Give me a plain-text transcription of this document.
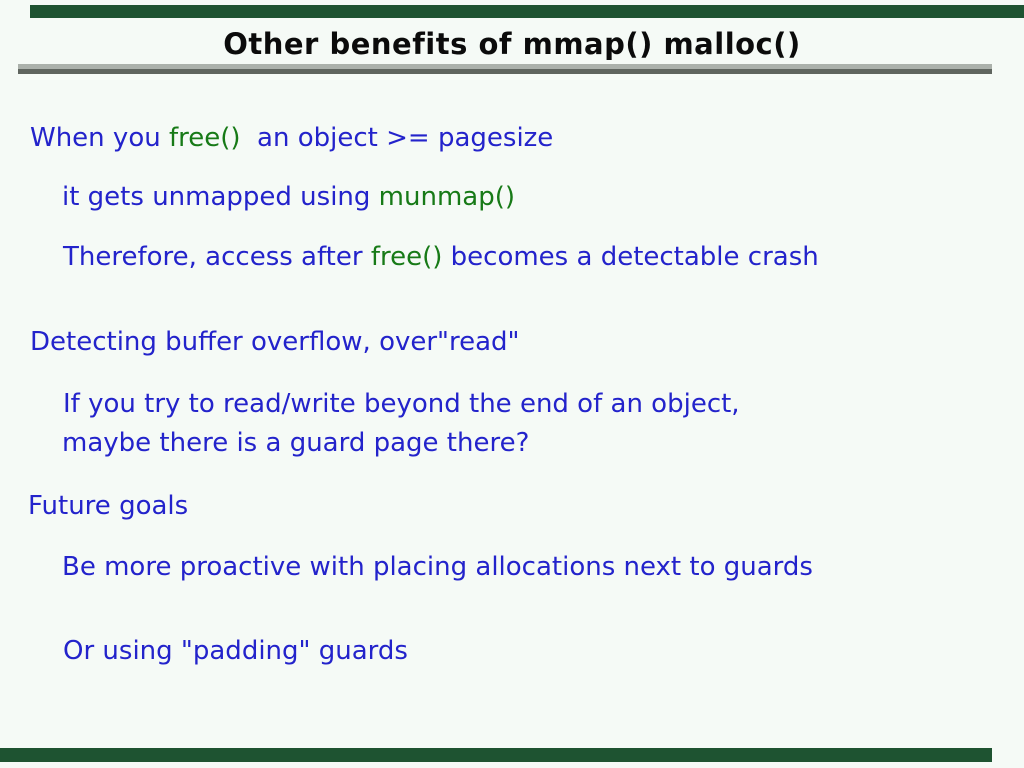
Other benefits of mmap() malloc()
When you free()  an object >= pagesize
it gets unmapped using munmap()
Therefore, access after free() becomes a detectable crash
Detecting buffer overflow, over"read"
If you try to read/write beyond the end of an object,
maybe there is a guard page there?
Future goals
Be more proactive with placing allocations next to guards
Or using "padding" guards
